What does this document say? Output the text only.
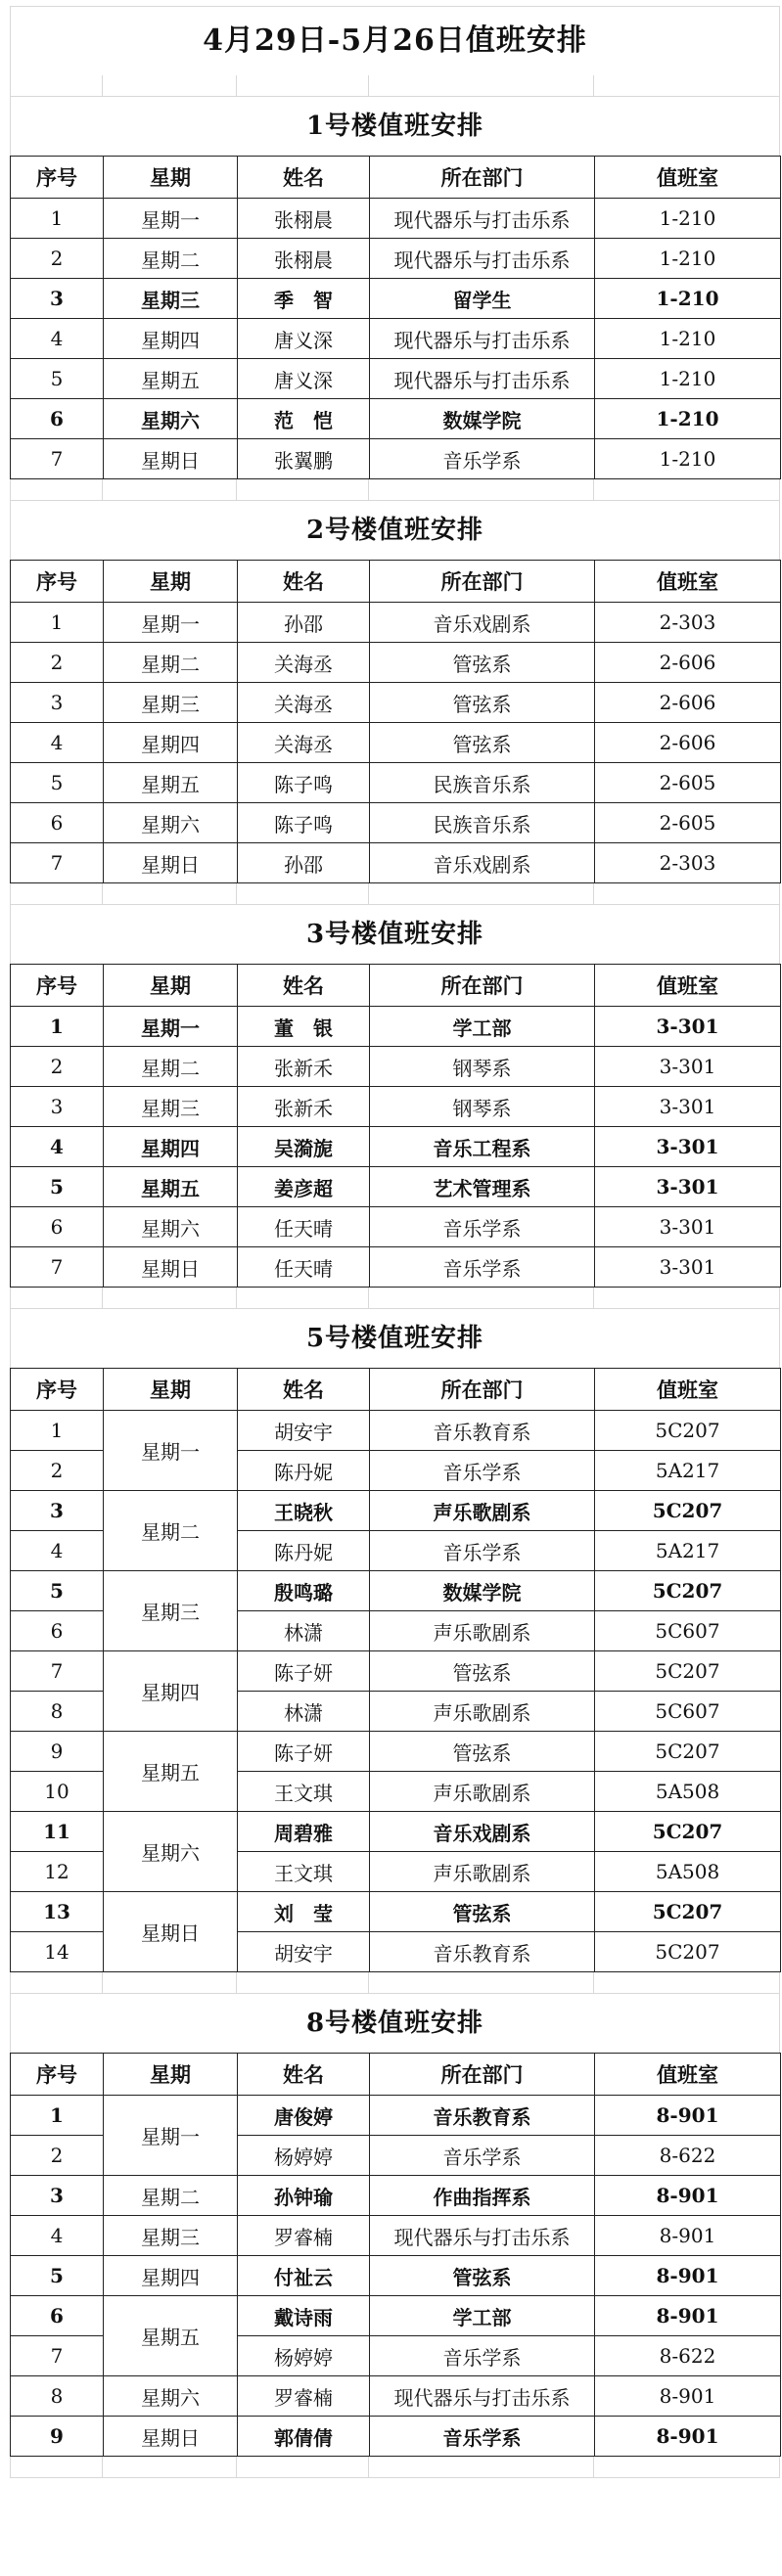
4月29日-5月26日值班安排
1号楼值班安排
序号	星期	姓名	所在部门	值班室
1	星期一	张栩晨	现代器乐与打击乐系	1-210
2	星期二	张栩晨	现代器乐与打击乐系	1-210
3	星期三	季　智	留学生	1-210
4	星期四	唐义深	现代器乐与打击乐系	1-210
5	星期五	唐义深	现代器乐与打击乐系	1-210
6	星期六	范　恺	数媒学院	1-210
7	星期日	张翼鹏	音乐学系	1-210
2号楼值班安排
序号	星期	姓名	所在部门	值班室
1	星期一	孙邵	音乐戏剧系	2-303
2	星期二	关海丞	管弦系	2-606
3	星期三	关海丞	管弦系	2-606
4	星期四	关海丞	管弦系	2-606
5	星期五	陈子鸣	民族音乐系	2-605
6	星期六	陈子鸣	民族音乐系	2-605
7	星期日	孙邵	音乐戏剧系	2-303
3号楼值班安排
序号	星期	姓名	所在部门	值班室
1	星期一	董　银	学工部	3-301
2	星期二	张新禾	钢琴系	3-301
3	星期三	张新禾	钢琴系	3-301
4	星期四	吴漪旎	音乐工程系	3-301
5	星期五	姜彦超	艺术管理系	3-301
6	星期六	任天晴	音乐学系	3-301
7	星期日	任天晴	音乐学系	3-301
5号楼值班安排
序号	星期	姓名	所在部门	值班室
1	星期一	胡安宇	音乐教育系	5C207
2		陈丹妮	音乐学系	5A217
3	星期二	王晓秋	声乐歌剧系	5C207
4		陈丹妮	音乐学系	5A217
5	星期三	殷鸣璐	数媒学院	5C207
6		林潇	声乐歌剧系	5C607
7	星期四	陈子妍	管弦系	5C207
8		林潇	声乐歌剧系	5C607
9	星期五	陈子妍	管弦系	5C207
10		王文琪	声乐歌剧系	5A508
11	星期六	周碧雅	音乐戏剧系	5C207
12		王文琪	声乐歌剧系	5A508
13	星期日	刘　莹	管弦系	5C207
14		胡安宇	音乐教育系	5C207
8号楼值班安排
序号	星期	姓名	所在部门	值班室
1	星期一	唐俊婷	音乐教育系	8-901
2		杨婷婷	音乐学系	8-622
3	星期二	孙钟瑜	作曲指挥系	8-901
4	星期三	罗睿楠	现代器乐与打击乐系	8-901
5	星期四	付祉云	管弦系	8-901
6	星期五	戴诗雨	学工部	8-901
7		杨婷婷	音乐学系	8-622
8	星期六	罗睿楠	现代器乐与打击乐系	8-901
9	星期日	郭倩倩	音乐学系	8-901
